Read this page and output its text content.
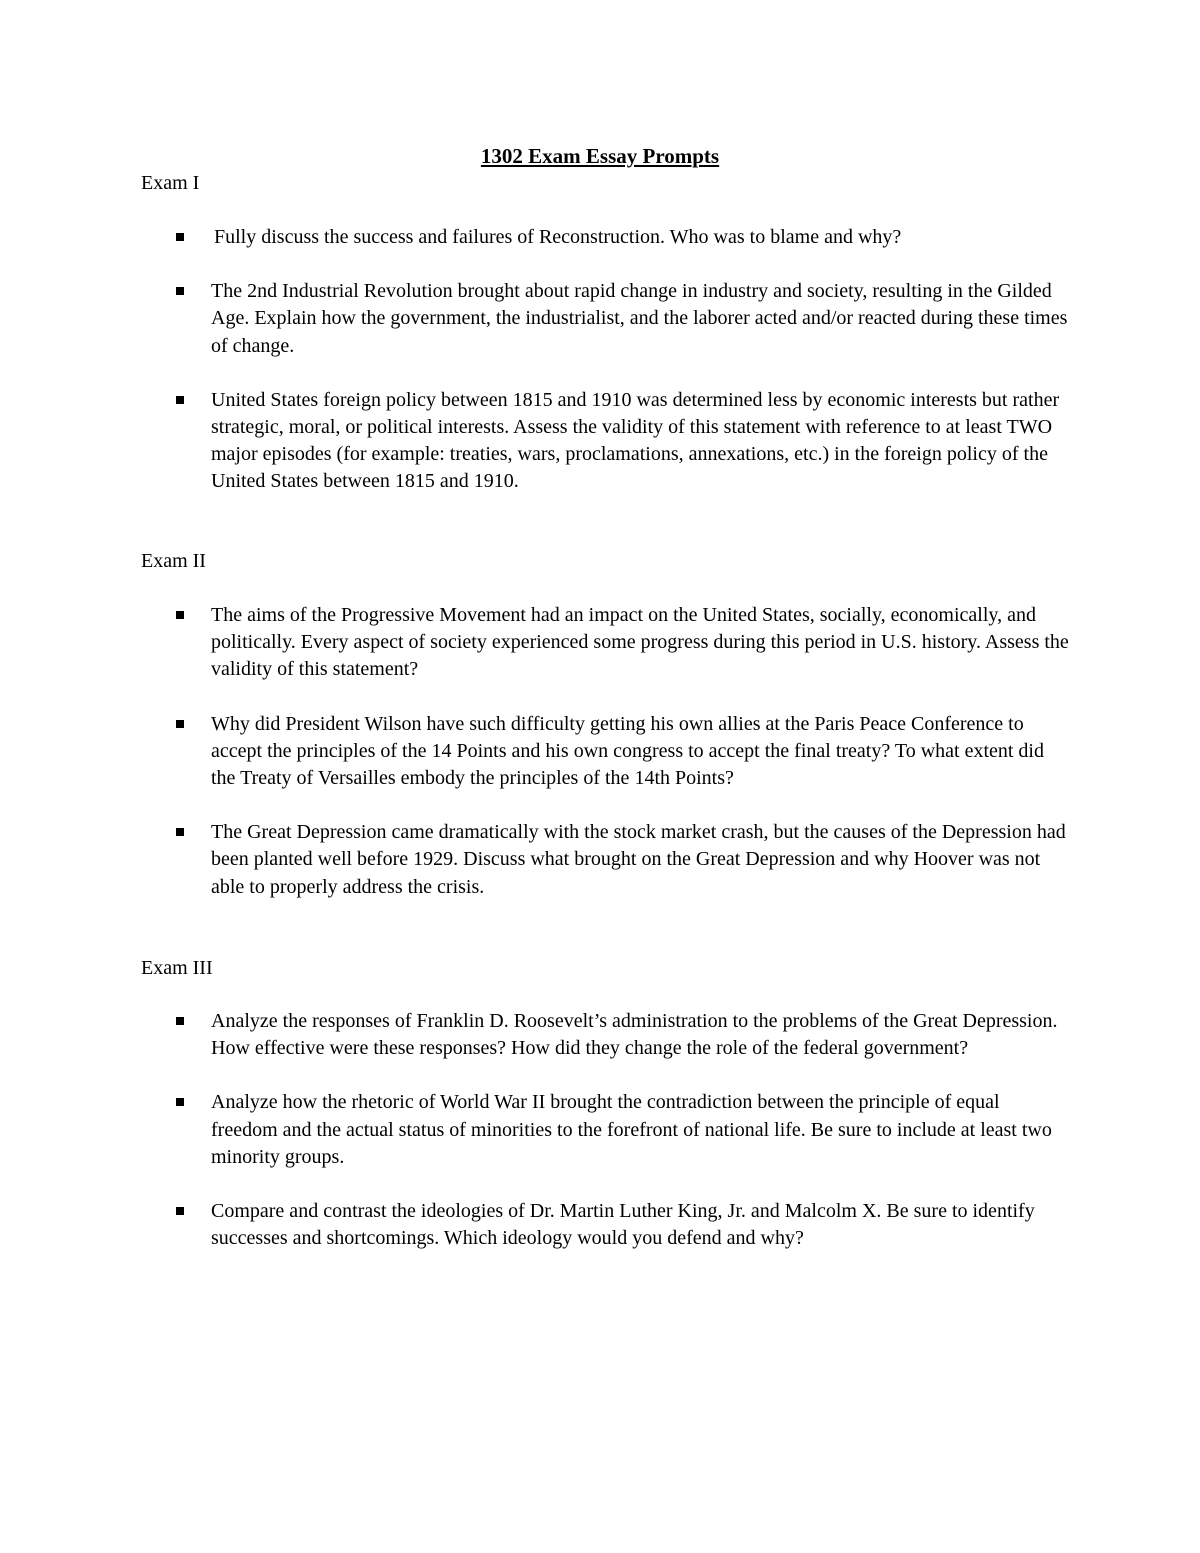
1302 Exam Essay Prompts
Exam I
Fully discuss the success and failures of Reconstruction. Who was to blame and why?
The 2nd Industrial Revolution brought about rapid change in industry and society, resulting in the Gilded Age. Explain how the government, the industrialist, and the laborer acted and/or reacted during these times of change.
United States foreign policy between 1815 and 1910 was determined less by economic interests but rather strategic, moral, or political interests. Assess the validity of this statement with reference to at least TWO major episodes (for example: treaties, wars, proclamations, annexations, etc.) in the foreign policy of the United States between 1815 and 1910.
Exam II
The aims of the Progressive Movement had an impact on the United States, socially, economically, and politically. Every aspect of society experienced some progress during this period in U.S. history. Assess the validity of this statement?
Why did President Wilson have such difficulty getting his own allies at the Paris Peace Conference to accept the principles of the 14 Points and his own congress to accept the final treaty? To what extent did the Treaty of Versailles embody the principles of the 14th Points?
The Great Depression came dramatically with the stock market crash, but the causes of the Depression had been planted well before 1929. Discuss what brought on the Great Depression and why Hoover was not able to properly address the crisis.
Exam III
Analyze the responses of Franklin D. Roosevelt’s administration to the problems of the Great Depression. How effective were these responses? How did they change the role of the federal government?
Analyze how the rhetoric of World War II brought the contradiction between the principle of equal freedom and the actual status of minorities to the forefront of national life. Be sure to include at least two minority groups.
Compare and contrast the ideologies of Dr. Martin Luther King, Jr. and Malcolm X. Be sure to identify successes and shortcomings. Which ideology would you defend and why?
